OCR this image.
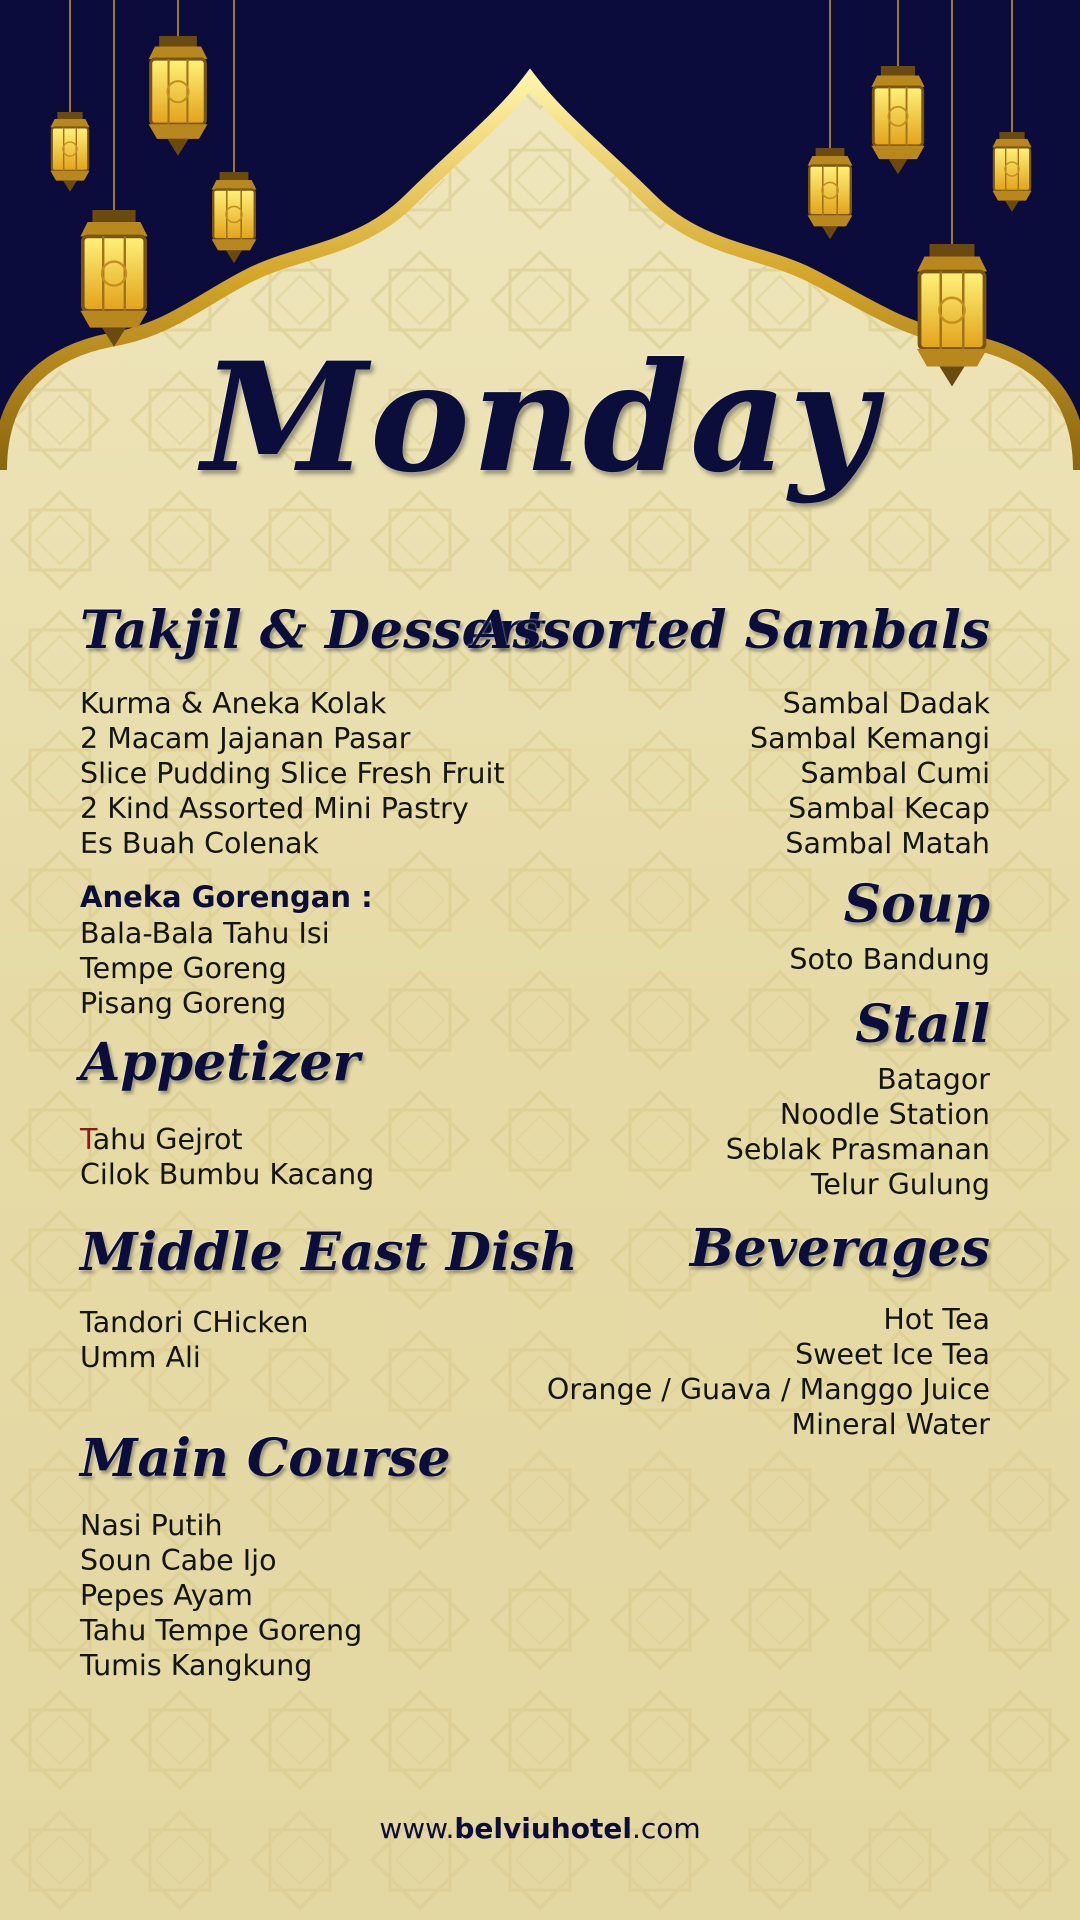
Monday
Takjil & Dessert
Kurma & Aneka Kolak
2 Macam Jajanan Pasar
Slice Pudding Slice Fresh Fruit
2 Kind Assorted Mini Pastry
Es Buah Colenak
Aneka Gorengan :
Bala-Bala Tahu Isi
Tempe Goreng
Pisang Goreng
Appetizer
Tahu Gejrot
Cilok Bumbu Kacang
Middle East Dish
Tandori CHicken
Umm Ali
Main Course
Nasi Putih
Soun Cabe Ijo
Pepes Ayam
Tahu Tempe Goreng
Tumis Kangkung
Assorted Sambals
Sambal Dadak
Sambal Kemangi
Sambal Cumi
Sambal Kecap
Sambal Matah
Soup
Soto Bandung
Stall
Batagor
Noodle Station
Seblak Prasmanan
Telur Gulung
Beverages
Hot Tea
Sweet Ice Tea
Orange / Guava / Manggo Juice
Mineral Water
www.belviuhotel.com
